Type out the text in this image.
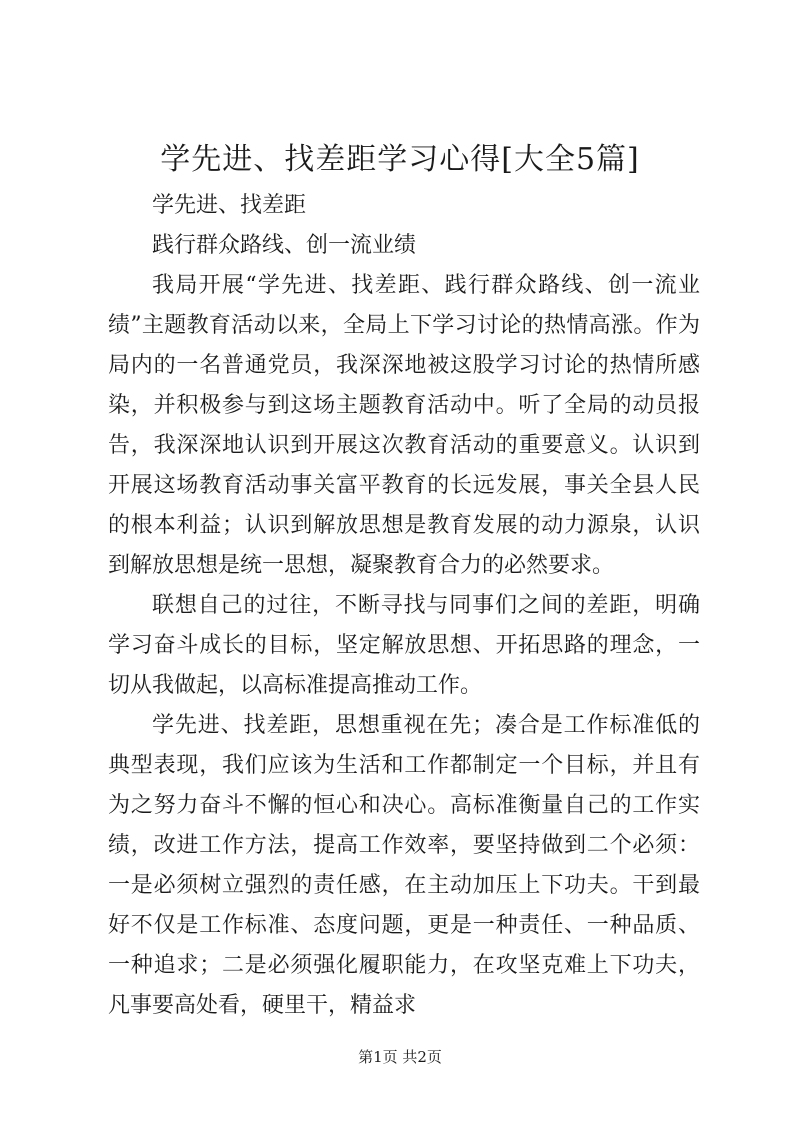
学先进、找差距学习心得[大全5篇]

学先进、找差距

践行群众路线、创一流业绩

我局开展“学先进、找差距、践行群众路线、创一流业绩”主题教育活动以来，全局上下学习讨论的热情高涨。作为局内的一名普通党员，我深深地被这股学习讨论的热情所感染，并积极参与到这场主题教育活动中。听了全局的动员报告，我深深地认识到开展这次教育活动的重要意义。认识到开展这场教育活动事关富平教育的长远发展，事关全县人民的根本利益；认识到解放思想是教育发展的动力源泉，认识到解放思想是统一思想，凝聚教育合力的必然要求。

联想自己的过往，不断寻找与同事们之间的差距，明确学习奋斗成长的目标，坚定解放思想、开拓思路的理念，一切从我做起，以高标准提高推动工作。

学先进、找差距，思想重视在先；凑合是工作标准低的典型表现，我们应该为生活和工作都制定一个目标，并且有为之努力奋斗不懈的恒心和决心。高标准衡量自己的工作实绩，改进工作方法，提高工作效率，要坚持做到二个必须：一是必须树立强烈的责任感，在主动加压上下功夫。干到最好不仅是工作标准、态度问题，更是一种责任、一种品质、一种追求；二是必须强化履职能力，在攻坚克难上下功夫，凡事要高处看，硬里干，精益求

第1页 共2页
